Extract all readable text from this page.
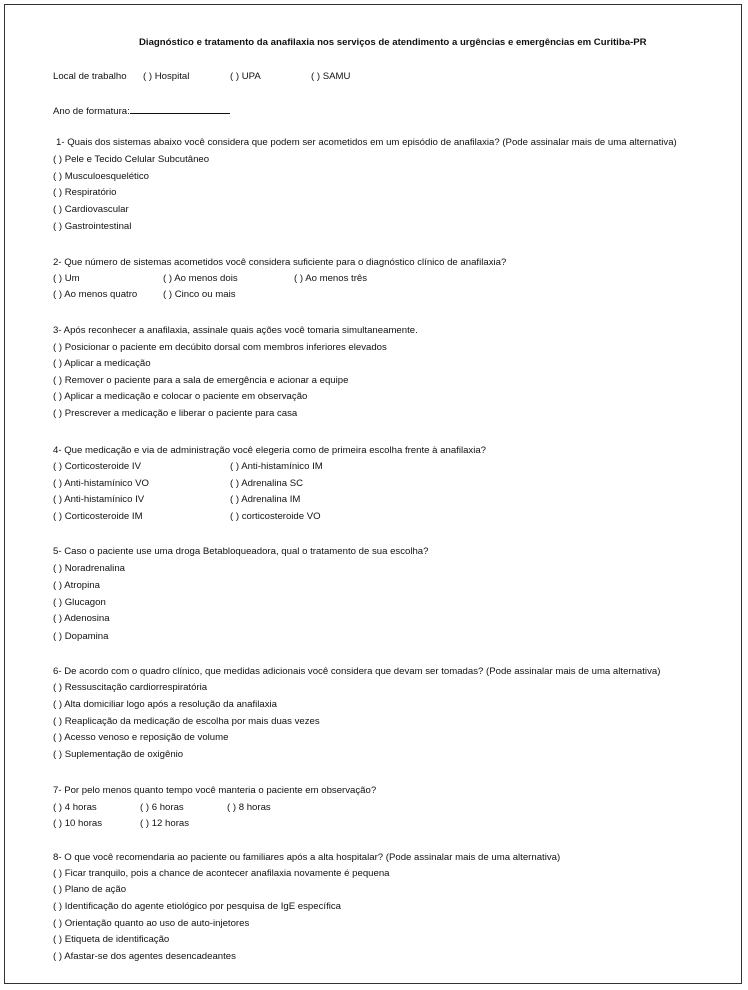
Diagnóstico e tratamento da anafilaxia nos serviços de atendimento a urgências e emergências em Curitiba-PR
Local de trabalho ( ) Hospital	( ) UPA	( ) SAMU
Ano de formatura:
1- Quais dos sistemas abaixo você considera que podem ser acometidos em um episódio de anafilaxia? (Pode assinalar mais de uma alternativa)
( ) Pele e Tecido Celular Subcutâneo
( ) Musculoesquelético
( ) Respiratório
( ) Cardiovascular
( ) Gastrointestinal
2- Que número de sistemas acometidos você considera suficiente para o diagnóstico clínico de anafilaxia?
( ) Um	( ) Ao menos dois	( ) Ao menos três
( ) Ao menos quatro	( ) Cinco ou mais
3- Após reconhecer a anafilaxia, assinale quais ações você tomaria simultaneamente.
( ) Posicionar o paciente em decúbito dorsal com membros inferiores elevados
( ) Aplicar a medicação
( ) Remover o paciente para a sala de emergência e acionar a equipe
( ) Aplicar a medicação e colocar o paciente em observação
( ) Prescrever a medicação e liberar o paciente para casa
4- Que medicação e via de administração você elegeria como de primeira escolha frente à anafilaxia?
( ) Corticosteroide IV	( ) Anti-histamínico IM
( ) Anti-histamínico VO	( ) Adrenalina SC
( ) Anti-histamínico IV	( ) Adrenalina IM
( ) Corticosteroide IM	( ) corticosteroide VO
5- Caso o paciente use uma droga Betabloqueadora, qual o tratamento de sua escolha?
( ) Noradrenalina
( ) Atropina
( ) Glucagon
( ) Adenosina
( ) Dopamina
6- De acordo com o quadro clínico, que medidas adicionais você considera que devam ser tomadas? (Pode assinalar mais de uma alternativa)
( ) Ressuscitação cardiorrespiratória
( ) Alta domiciliar logo após a resolução da anafilaxia
( ) Reaplicação da medicação de escolha por mais duas vezes
( ) Acesso venoso e reposição de volume
( ) Suplementação de oxigênio
7- Por pelo menos quanto tempo você manteria o paciente em observação?
( ) 4 horas	( ) 6 horas	( ) 8 horas
( ) 10 horas	( ) 12 horas
8- O que você recomendaria ao paciente ou familiares após a alta hospitalar? (Pode assinalar mais de uma alternativa)
( ) Ficar tranquilo, pois a chance de acontecer anafilaxia novamente é pequena
( ) Plano de ação
( ) Identificação do agente etiológico por pesquisa de IgE específica
( ) Orientação quanto ao uso de auto-injetores
( ) Etiqueta de identificação
( ) Afastar-se dos agentes desencadeantes
